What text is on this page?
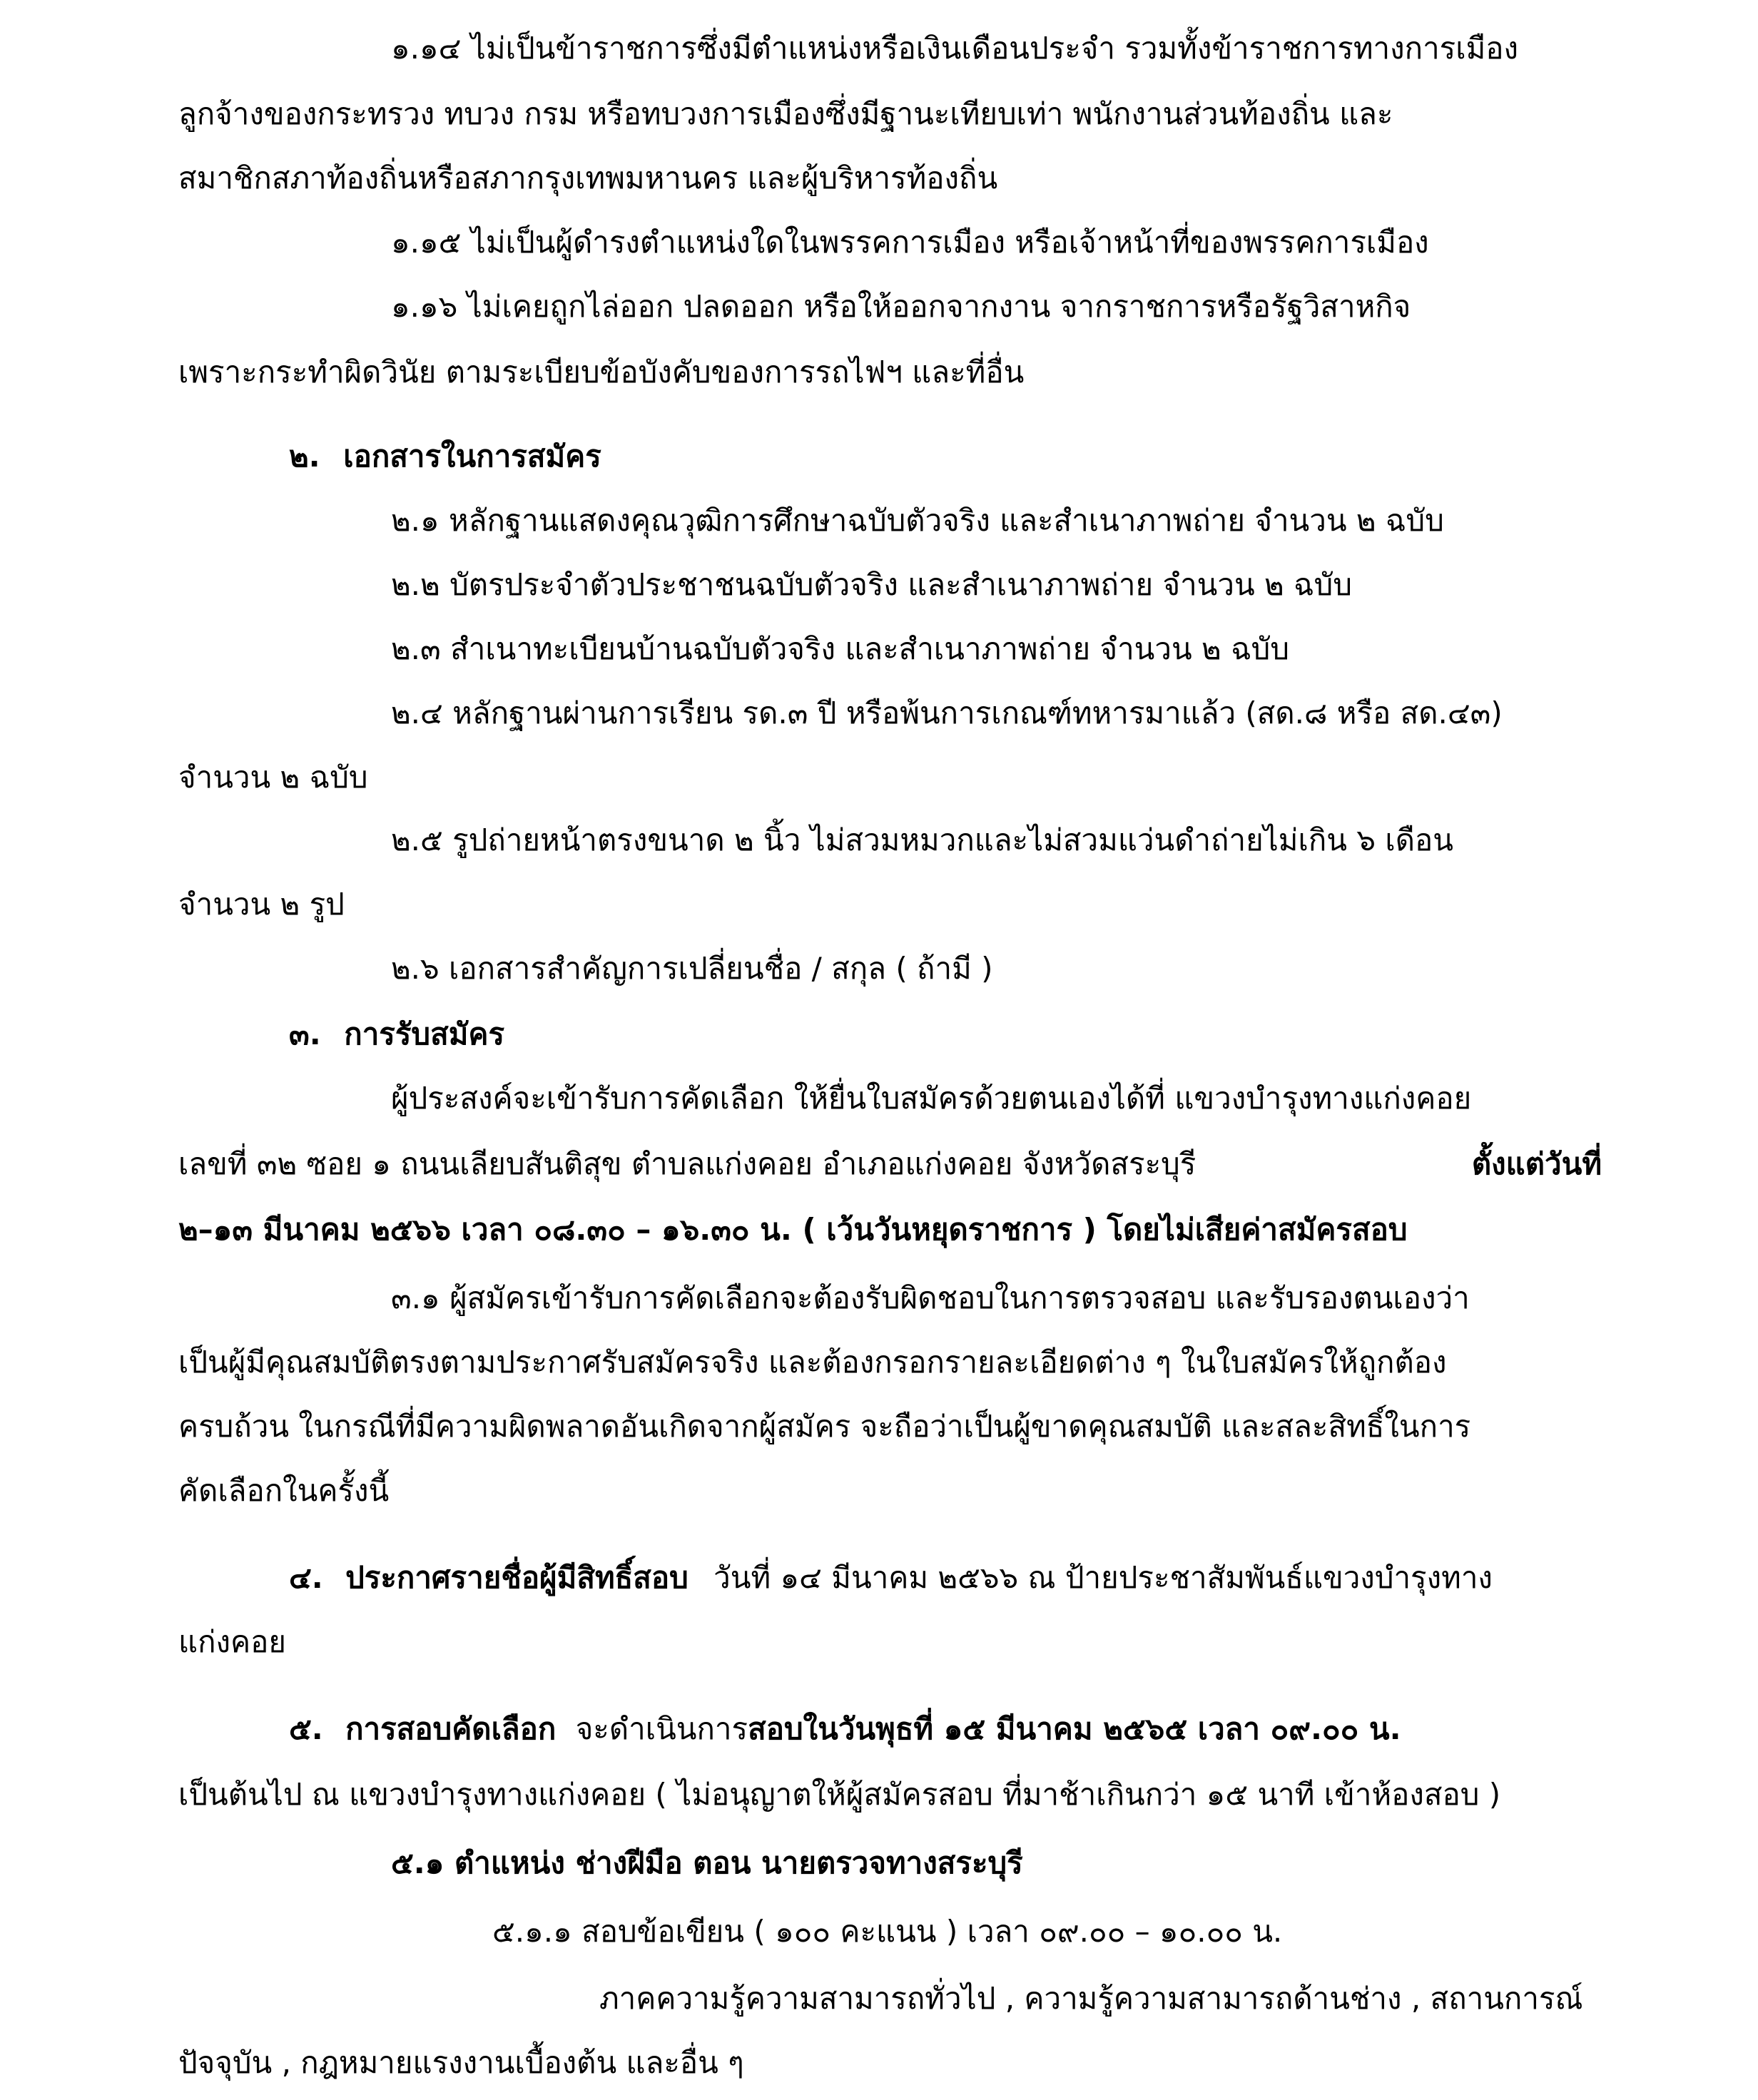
๑.๑๔ ไม่เป็นข้าราชการซึ่งมีตำแหน่งหรือเงินเดือนประจำ รวมทั้งข้าราชการทางการเมือง
ลูกจ้างของกระทรวง ทบวง กรม หรือทบวงการเมืองซึ่งมีฐานะเทียบเท่า พนักงานส่วนท้องถิ่น และ
สมาชิกสภาท้องถิ่นหรือสภากรุงเทพมหานคร และผู้บริหารท้องถิ่น
๑.๑๕ ไม่เป็นผู้ดำรงตำแหน่งใดในพรรคการเมือง หรือเจ้าหน้าที่ของพรรคการเมือง
๑.๑๖ ไม่เคยถูกไล่ออก ปลดออก หรือให้ออกจากงาน จากราชการหรือรัฐวิสาหกิจ
เพราะกระทำผิดวินัย ตามระเบียบข้อบังคับของการรถไฟฯ และที่อื่น
๒. เอกสารในการสมัคร
๒.๑ หลักฐานแสดงคุณวุฒิการศึกษาฉบับตัวจริง และสำเนาภาพถ่าย จำนวน ๒ ฉบับ
๒.๒ บัตรประจำตัวประชาชนฉบับตัวจริง และสำเนาภาพถ่าย จำนวน ๒ ฉบับ
๒.๓ สำเนาทะเบียนบ้านฉบับตัวจริง และสำเนาภาพถ่าย จำนวน ๒ ฉบับ
๒.๔ หลักฐานผ่านการเรียน รด.๓ ปี หรือพ้นการเกณฑ์ทหารมาแล้ว (สด.๘ หรือ สด.๔๓)
จำนวน ๒ ฉบับ
๒.๕ รูปถ่ายหน้าตรงขนาด ๒ นิ้ว ไม่สวมหมวกและไม่สวมแว่นดำถ่ายไม่เกิน ๖ เดือน
จำนวน ๒ รูป
๒.๖ เอกสารสำคัญการเปลี่ยนชื่อ / สกุล ( ถ้ามี )
๓. การรับสมัคร
ผู้ประสงค์จะเข้ารับการคัดเลือก ให้ยื่นใบสมัครด้วยตนเองได้ที่ แขวงบำรุงทางแก่งคอย
เลขที่ ๓๒ ซอย ๑ ถนนเลียบสันติสุข ตำบลแก่งคอย อำเภอแก่งคอย จังหวัดสระบุรี	ตั้งแต่วันที่
๒–๑๓ มีนาคม ๒๕๖๖ เวลา ๐๘.๓๐ – ๑๖.๓๐ น. ( เว้นวันหยุดราชการ ) โดยไม่เสียค่าสมัครสอบ
๓.๑ ผู้สมัครเข้ารับการคัดเลือกจะต้องรับผิดชอบในการตรวจสอบ และรับรองตนเองว่า
เป็นผู้มีคุณสมบัติตรงตามประกาศรับสมัครจริง และต้องกรอกรายละเอียดต่าง ๆ ในใบสมัครให้ถูกต้อง
ครบถ้วน ในกรณีที่มีความผิดพลาดอันเกิดจากผู้สมัคร จะถือว่าเป็นผู้ขาดคุณสมบัติ และสละสิทธิ์ในการ
คัดเลือกในครั้งนี้
๔. ประกาศรายชื่อผู้มีสิทธิ์สอบ วันที่ ๑๔ มีนาคม ๒๕๖๖ ณ ป้ายประชาสัมพันธ์แขวงบำรุงทาง
แก่งคอย
๕. การสอบคัดเลือก จะดำเนินการสอบในวันพุธที่ ๑๕ มีนาคม ๒๕๖๕ เวลา ๐๙.๐๐ น.
เป็นต้นไป ณ แขวงบำรุงทางแก่งคอย ( ไม่อนุญาตให้ผู้สมัครสอบ ที่มาช้าเกินกว่า ๑๕ นาที เข้าห้องสอบ )
๕.๑ ตำแหน่ง ช่างฝีมือ ตอน นายตรวจทางสระบุรี
๕.๑.๑ สอบข้อเขียน ( ๑๐๐ คะแนน ) เวลา ๐๙.๐๐ – ๑๐.๐๐ น.
ภาคความรู้ความสามารถทั่วไป , ความรู้ความสามารถด้านช่าง , สถานการณ์
ปัจจุบัน , กฎหมายแรงงานเบื้องต้น และอื่น ๆ
